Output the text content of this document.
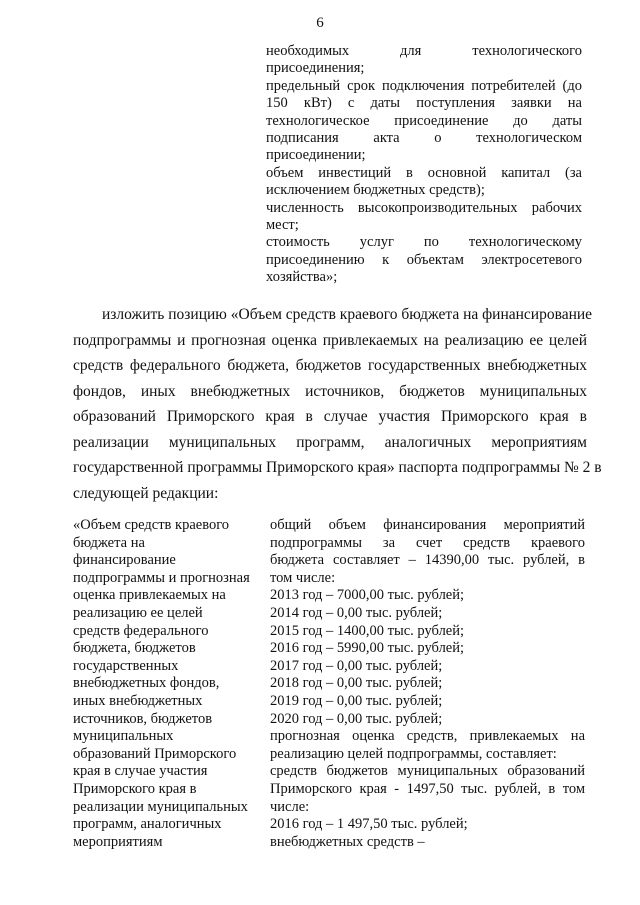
6
необходимых для технологического
присоединения;
предельный срок подключения потребителей (до
150 кВт) с даты поступления заявки на
технологическое присоединение до даты
подписания акта о технологическом
присоединении;
объем инвестиций в основной капитал (за
исключением бюджетных средств);
численность высокопроизводительных рабочих
мест;
стоимость услуг по технологическому
присоединению к объектам электросетевого
хозяйства»;
изложить позицию «Объем средств краевого бюджета на финансирование
подпрограммы и прогнозная оценка привлекаемых на реализацию ее целей
средств федерального бюджета, бюджетов государственных внебюджетных
фондов, иных внебюджетных источников, бюджетов муниципальных
образований Приморского края в случае участия Приморского края в
реализации муниципальных программ, аналогичных мероприятиям
государственной программы Приморского края» паспорта подпрограммы № 2 в
следующей редакции:
«Объем средств краевого
бюджета на
финансирование
подпрограммы и прогнозная
оценка привлекаемых на
реализацию ее целей
средств федерального
бюджета, бюджетов
государственных
внебюджетных фондов,
иных внебюджетных
источников, бюджетов
муниципальных
образований Приморского
края в случае участия
Приморского края в
реализации муниципальных
программ, аналогичных
мероприятиям
общий объем финансирования мероприятий
подпрограммы за счет средств краевого
бюджета составляет – 14390,00 тыс. рублей, в
том числе:
2013 год – 7000,00 тыс. рублей;
2014 год – 0,00 тыс. рублей;
2015 год – 1400,00 тыс. рублей;
2016 год – 5990,00 тыс. рублей;
2017 год – 0,00 тыс. рублей;
2018 год – 0,00 тыс. рублей;
2019 год – 0,00 тыс. рублей;
2020 год – 0,00 тыс. рублей;
прогнозная оценка средств, привлекаемых на
реализацию целей подпрограммы, составляет:
средств бюджетов муниципальных образований
Приморского края - 1497,50 тыс. рублей, в том
числе:
2016 год – 1 497,50 тыс. рублей;
внебюджетных средств –
